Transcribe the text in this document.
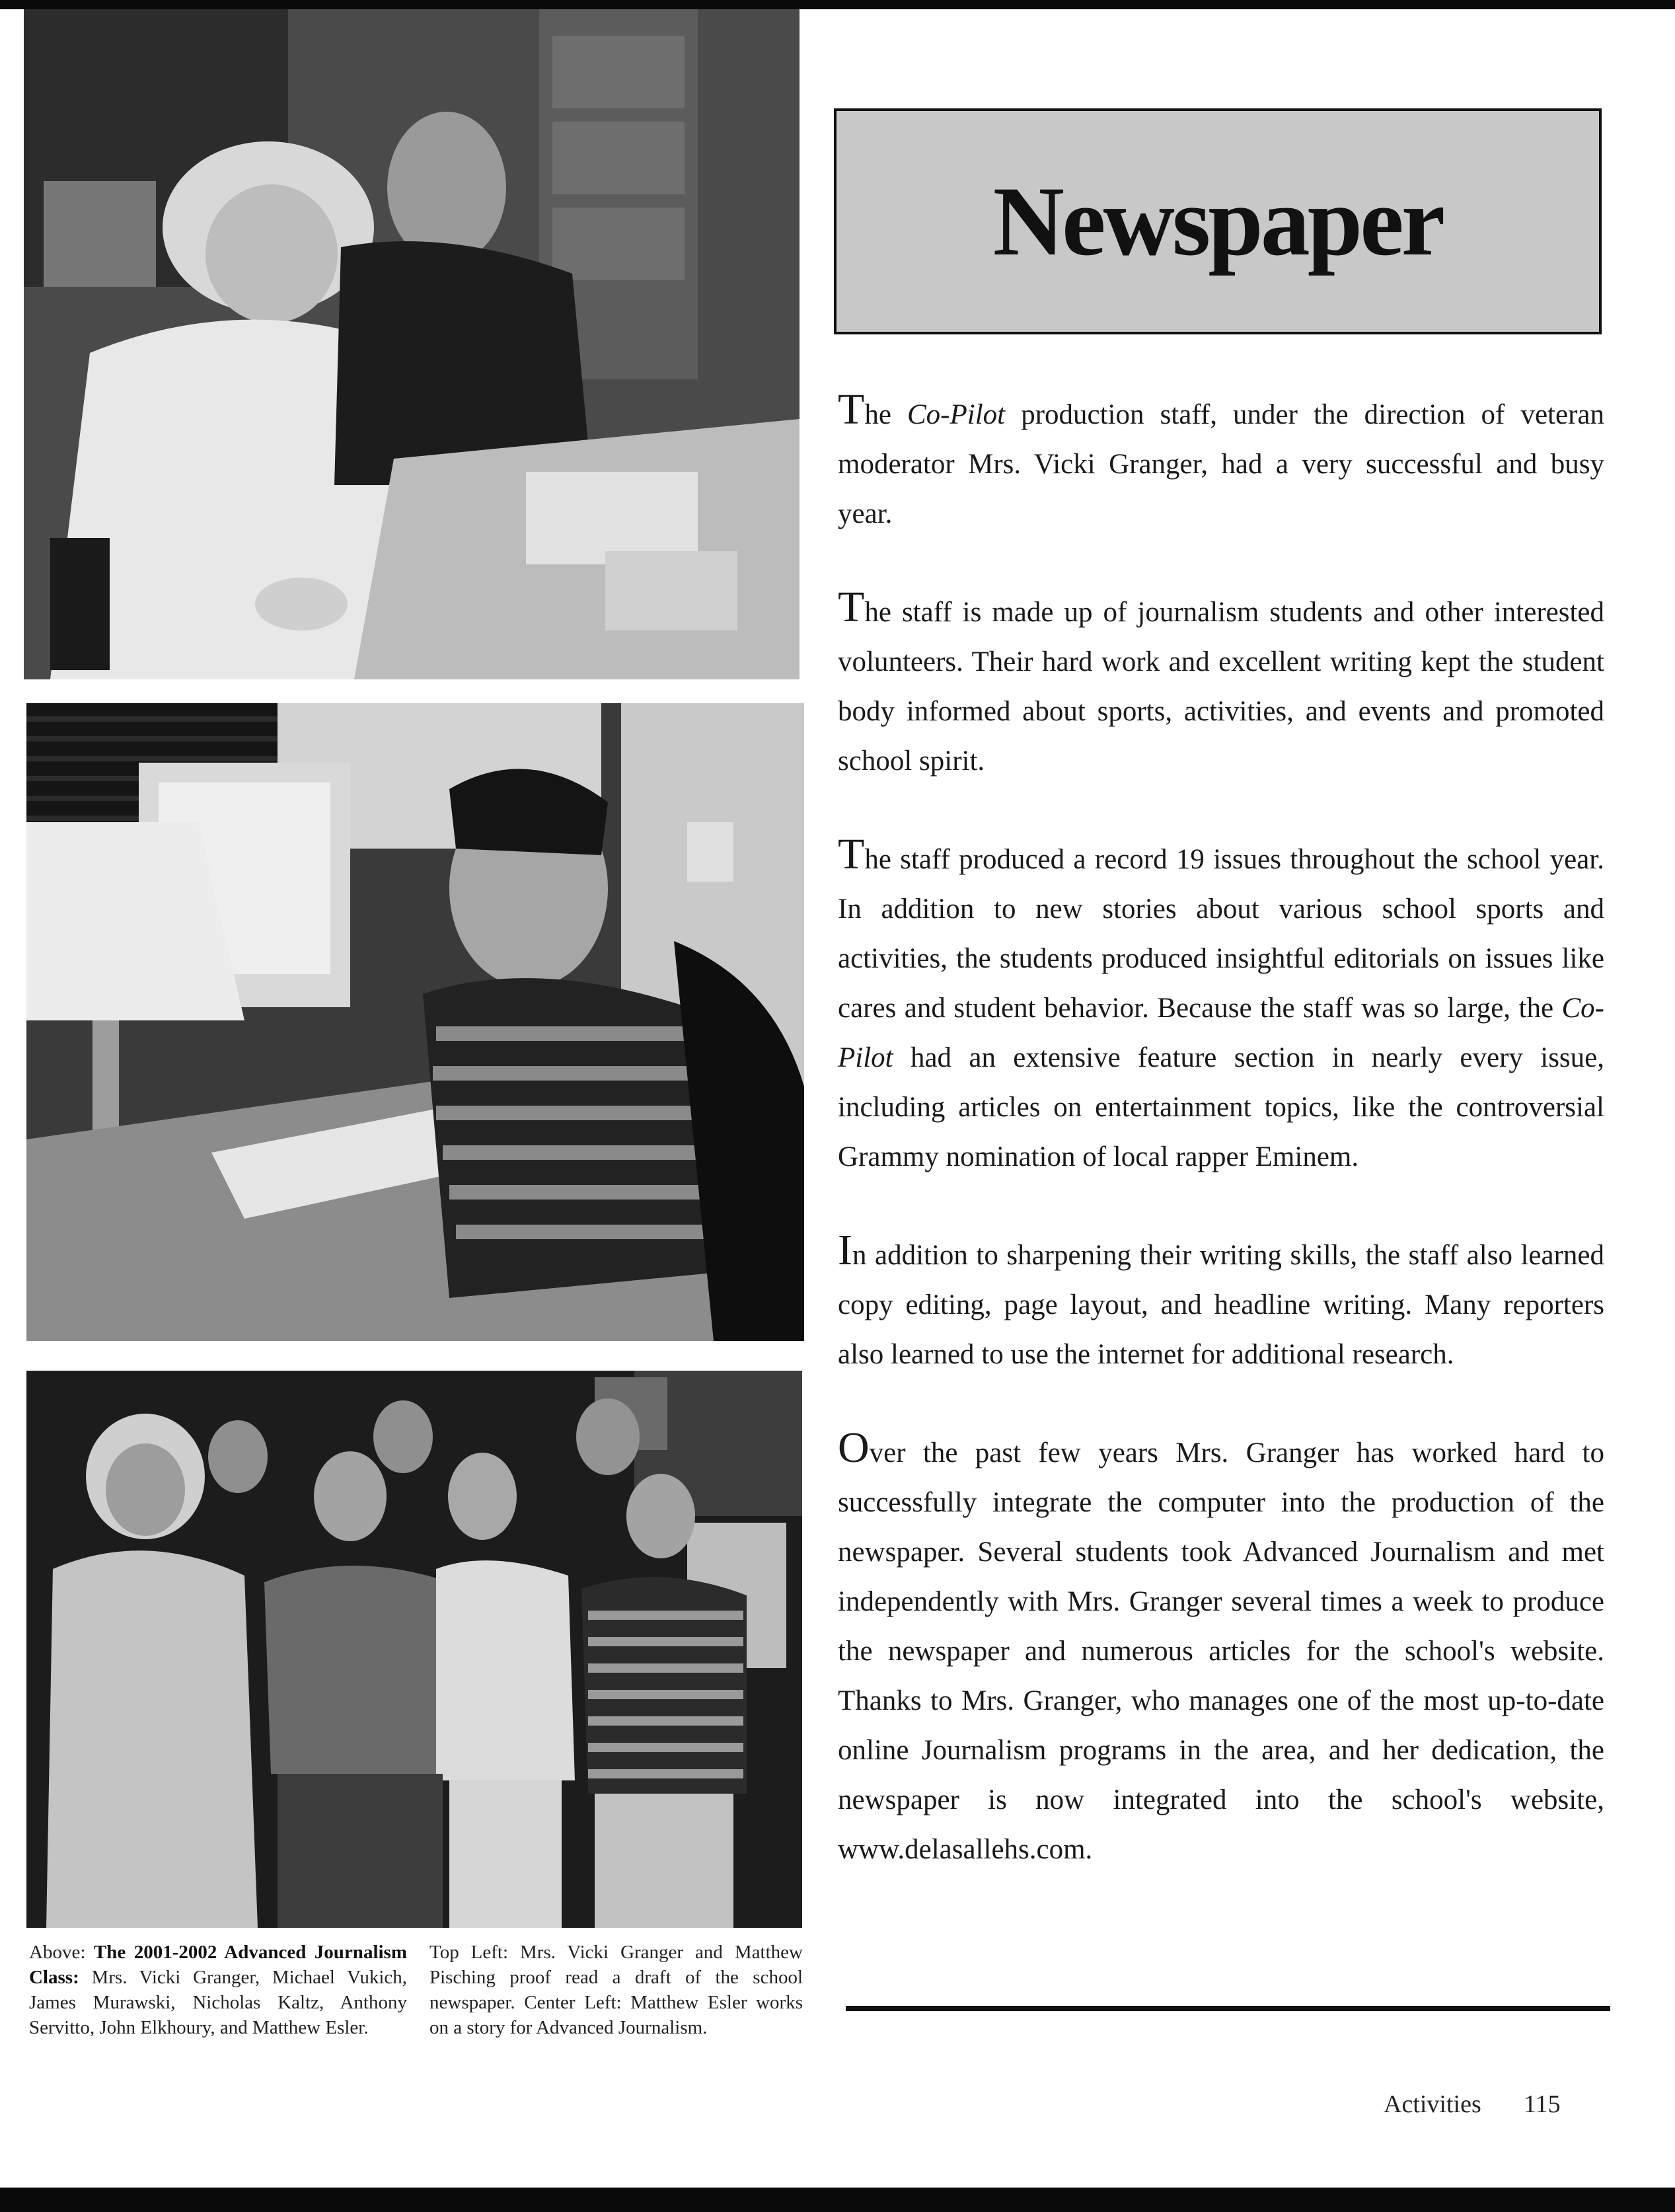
Newspaper

The Co-Pilot production staff, under the direction of veteran moderator Mrs. Vicki Granger, had a very successful and busy year.

The staff is made up of journalism students and other interested volunteers. Their hard work and excellent writing kept the student body informed about sports, activities, and events and promoted school spirit.

The staff produced a record 19 issues throughout the school year. In addition to new stories about various school sports and activities, the students produced insightful editorials on issues like cares and student behavior. Because the staff was so large, the Co-Pilot had an extensive feature section in nearly every issue, including articles on entertainment topics, like the controversial Grammy nomination of local rapper Eminem.

In addition to sharpening their writing skills, the staff also learned copy editing, page layout, and headline writing. Many reporters also learned to use the internet for additional research.

Over the past few years Mrs. Granger has worked hard to successfully integrate the computer into the production of the newspaper. Several students took Advanced Journalism and met independently with Mrs. Granger several times a week to produce the newspaper and numerous articles for the school's website. Thanks to Mrs. Granger, who manages one of the most up-to-date online Journalism programs in the area, and her dedication, the newspaper is now integrated into the school's website, www.delasallehs.com.

Above: The 2001-2002 Advanced Journalism Class: Mrs. Vicki Granger, Michael Vukich, James Murawski, Nicholas Kaltz, Anthony Servitto, John Elkhoury, and Matthew Esler.

Top Left: Mrs. Vicki Granger and Matthew Pisching proof read a draft of the school newspaper. Center Left: Matthew Esler works on a story for Advanced Journalism.

Activities 115
